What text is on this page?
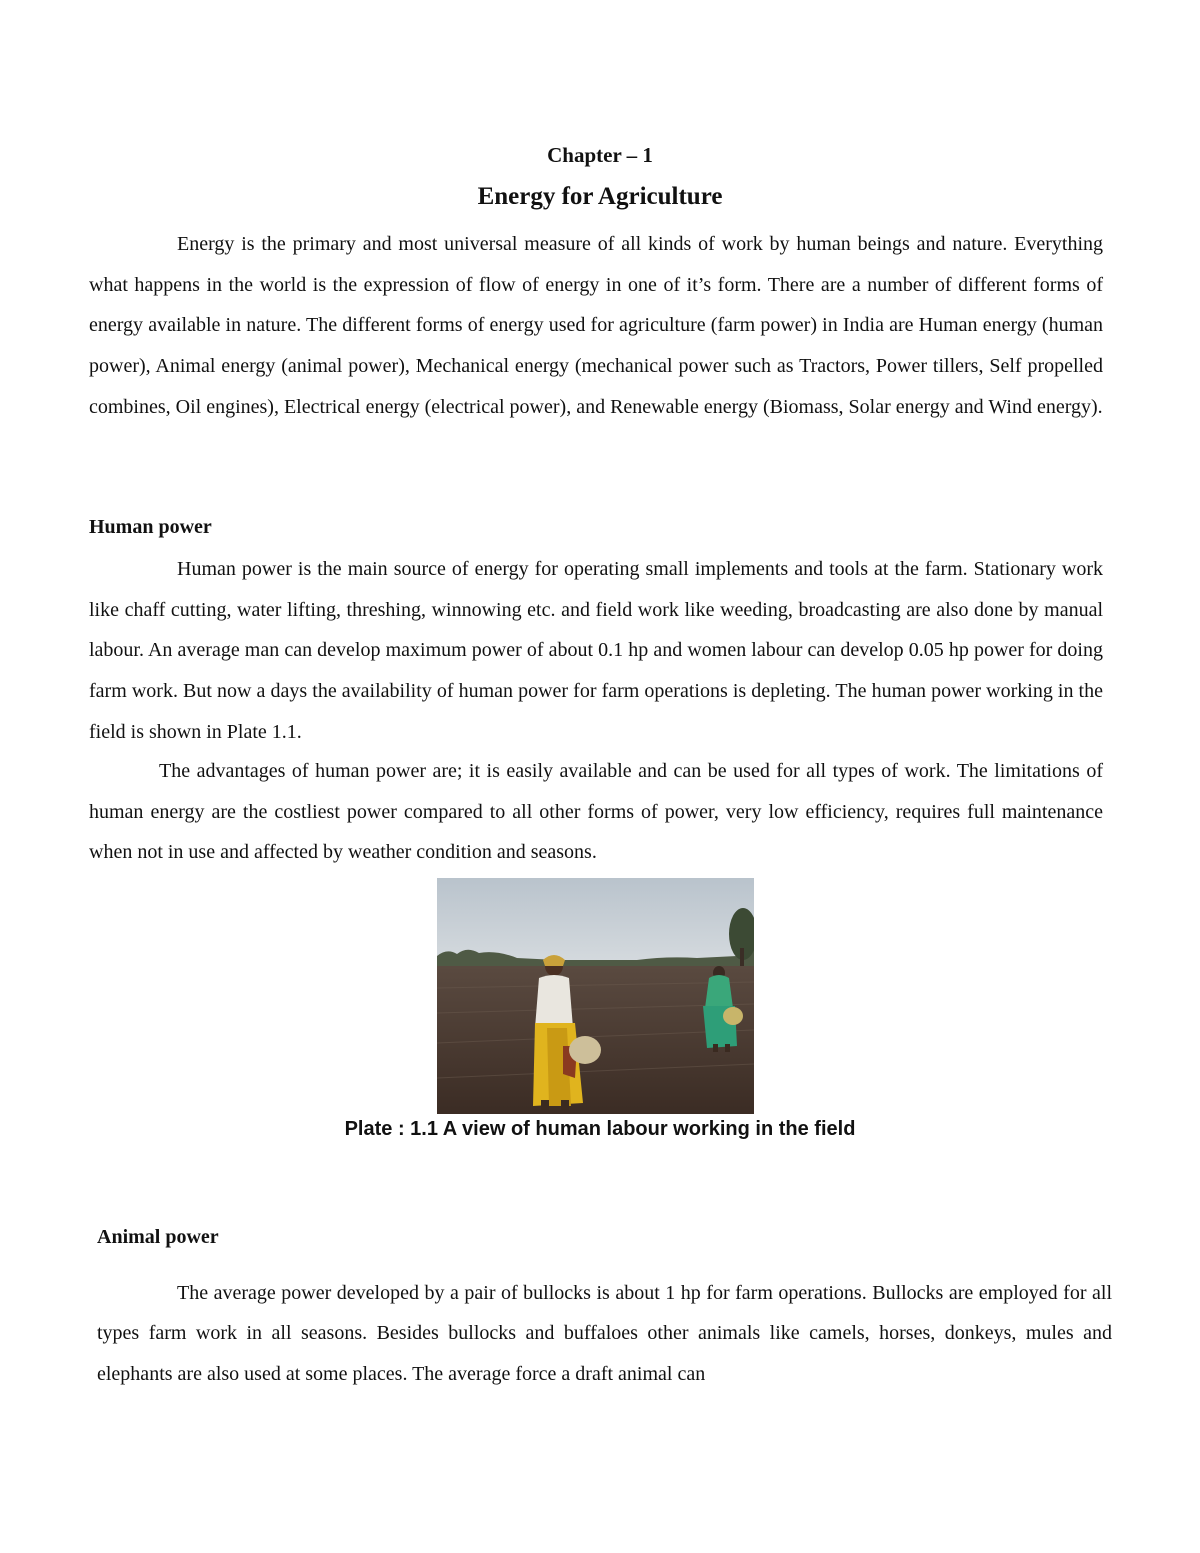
Chapter – 1
Energy for Agriculture

Energy is the primary and most universal measure of all kinds of work by human beings and nature. Everything what happens in the world is the expression of flow of energy in one of it’s form. There are a number of different forms of energy available in nature. The different forms of energy used for agriculture (farm power) in India are Human energy (human power), Animal energy (animal power), Mechanical energy (mechanical power such as Tractors, Power tillers, Self propelled combines, Oil engines), Electrical energy (electrical power), and Renewable energy (Biomass, Solar energy and Wind energy).

Human power

Human power is the main source of energy for operating small implements and tools at the farm. Stationary work like chaff cutting, water lifting, threshing, winnowing etc. and field work like weeding, broadcasting are also done by manual labour. An average man can develop maximum power of about 0.1 hp and women labour can develop 0.05 hp power for doing farm work. But now a days the availability of human power for farm operations is depleting. The human power working in the field is shown in Plate 1.1.

The advantages of human power are; it is easily available and can be used for all types of work. The limitations of human energy are the costliest power compared to all other forms of power, very low efficiency, requires full maintenance when not in use and affected by weather condition and seasons.

Plate : 1.1 A view of human labour working in the field
Animal power

The average power developed by a pair of bullocks is about 1 hp for farm operations. Bullocks are employed for all types farm work in all seasons. Besides bullocks and buffaloes other animals like camels, horses, donkeys, mules and elephants are also used at some places. The average force a draft animal can
